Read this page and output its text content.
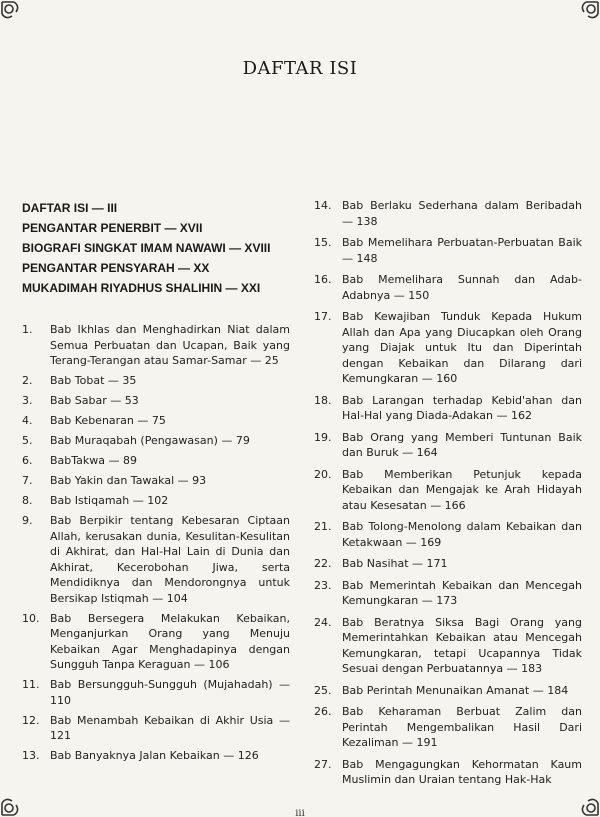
DAFTAR ISI
DAFTAR ISI — III
PENGANTAR PENERBIT — XVII
BIOGRAFI SINGKAT IMAM NAWAWI — XVIII
PENGANTAR PENSYARAH — XX
MUKADIMAH RIYADHUS SHALIHIN — XXI
1.	Bab Ikhlas dan Menghadirkan Niat dalam Semua Perbuatan dan Ucapan, Baik yang Terang-Terangan atau Samar-Samar — 25
2.	Bab Tobat — 35
3.	Bab Sabar — 53
4.	Bab Kebenaran — 75
5.	Bab Muraqabah (Pengawasan) — 79
6.	BabTakwa — 89
7.	Bab Yakin dan Tawakal — 93
8.	Bab Istiqamah — 102
9.	Bab Berpikir tentang Kebesaran Ciptaan Allah, kerusakan dunia, Kesulitan-Kesulitan di Akhirat, dan Hal-Hal Lain di Dunia dan Akhirat, Kecerobohan Jiwa, serta Mendidiknya dan Mendorongnya untuk Bersikap Istiqmah — 104
10. Bab Bersegera Melakukan Kebaikan, Menganjurkan Orang yang Menuju Kebaikan Agar Menghadapinya dengan Sungguh Tanpa Keraguan — 106
11. Bab Bersungguh-Sungguh (Mujahadah) — 110
12. Bab Menambah Kebaikan di Akhir Usia — 121
13. Bab Banyaknya Jalan Kebaikan — 126
14. Bab Berlaku Sederhana dalam Beribadah — 138
15. Bab Memelihara Perbuatan-Perbuatan Baik — 148
16. Bab Memelihara Sunnah dan Adab-Adabnya — 150
17. Bab Kewajiban Tunduk Kepada Hukum Allah dan Apa yang Diucapkan oleh Orang yang Diajak untuk Itu dan Diperintah dengan Kebaikan dan Dilarang dari Kemungkaran — 160
18. Bab Larangan terhadap Kebid'ahan dan Hal-Hal yang Diada-Adakan — 162
19. Bab Orang yang Memberi Tuntunan Baik dan Buruk — 164
20. Bab Memberikan Petunjuk kepada Kebaikan dan Mengajak ke Arah Hidayah atau Kesesatan — 166
21. Bab Tolong-Menolong dalam Kebaikan dan Ketakwaan — 169
22. Bab Nasihat — 171
23. Bab Memerintah Kebaikan dan Mencegah Kemungkaran — 173
24. Bab Beratnya Siksa Bagi Orang yang Memerintahkan Kebaikan atau Mencegah Kemungkaran, tetapi Ucapannya Tidak Sesuai dengan Perbuatannya — 183
25. Bab Perintah Menunaikan Amanat — 184
26. Bab Keharaman Berbuat Zalim dan Perintah Mengembalikan Hasil Dari Kezaliman — 191
27. Bab Mengagungkan Kehormatan Kaum Muslimin dan Uraian tentang Hak-Hak
iii
